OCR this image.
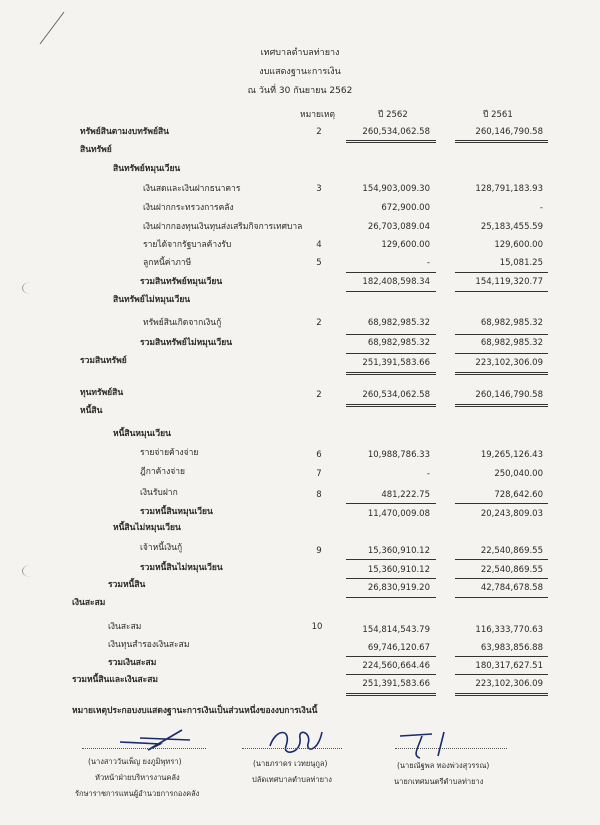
เทศบาลตำบลท่ายาง
งบแสดงฐานะการเงิน
ณ วันที่ 30 กันยายน 2562
หมายเหตุ	ปี 2562	ปี 2561
ทรัพย์สินตามงบทรัพย์สิน	2	260,534,062.58	260,146,790.58
สินทรัพย์
สินทรัพย์หมุนเวียน
เงินสดและเงินฝากธนาคาร	3	154,903,009.30	128,791,183.93
เงินฝากกระทรวงการคลัง	672,900.00	-
เงินฝากกองทุนเงินทุนส่งเสริมกิจการเทศบาล	26,703,089.04	25,183,455.59
รายได้จากรัฐบาลค้างรับ	4	129,600.00	129,600.00
ลูกหนี้ค่าภาษี	5	-	15,081.25
รวมสินทรัพย์หมุนเวียน	182,408,598.34	154,119,320.77
สินทรัพย์ไม่หมุนเวียน
ทรัพย์สินเกิดจากเงินกู้	2	68,982,985.32	68,982,985.32
รวมสินทรัพย์ไม่หมุนเวียน	68,982,985.32	68,982,985.32
รวมสินทรัพย์	251,391,583.66	223,102,306.09
ทุนทรัพย์สิน	2	260,534,062.58	260,146,790.58
หนี้สิน
หนี้สินหมุนเวียน
รายจ่ายค้างจ่าย	6	10,988,786.33	19,265,126.43
ฎีกาค้างจ่าย	7	-	250,040.00
เงินรับฝาก	8	481,222.75	728,642.60
รวมหนี้สินหมุนเวียน	11,470,009.08	20,243,809.03
หนี้สินไม่หมุนเวียน
เจ้าหนี้เงินกู้	9	15,360,910.12	22,540,869.55
รวมหนี้สินไม่หมุนเวียน	15,360,910.12	22,540,869.55
รวมหนี้สิน	26,830,919.20	42,784,678.58
เงินสะสม
เงินสะสม	10	154,814,543.79	116,333,770.63
เงินทุนสำรองเงินสะสม	69,746,120.67	63,983,856.88
รวมเงินสะสม	224,560,664.46	180,317,627.51
รวมหนี้สินและเงินสะสม	251,391,583.66	223,102,306.09
หมายเหตุประกอบงบแสดงฐานะการเงินเป็นส่วนหนึ่งของงบการเงินนี้
(นางสาววันเพ็ญ ยงภูมิพุทรา)
หัวหน้าฝ่ายบริหารงานคลัง
รักษาราชการแทนผู้อำนวยการกองคลัง
(นายภราดร เวทยนุกูล)
ปลัดเทศบาลตำบลท่ายาง
(นายณัฐพล ทองพ่วงสุวรรณ)
นายกเทศมนตรีตำบลท่ายาง
